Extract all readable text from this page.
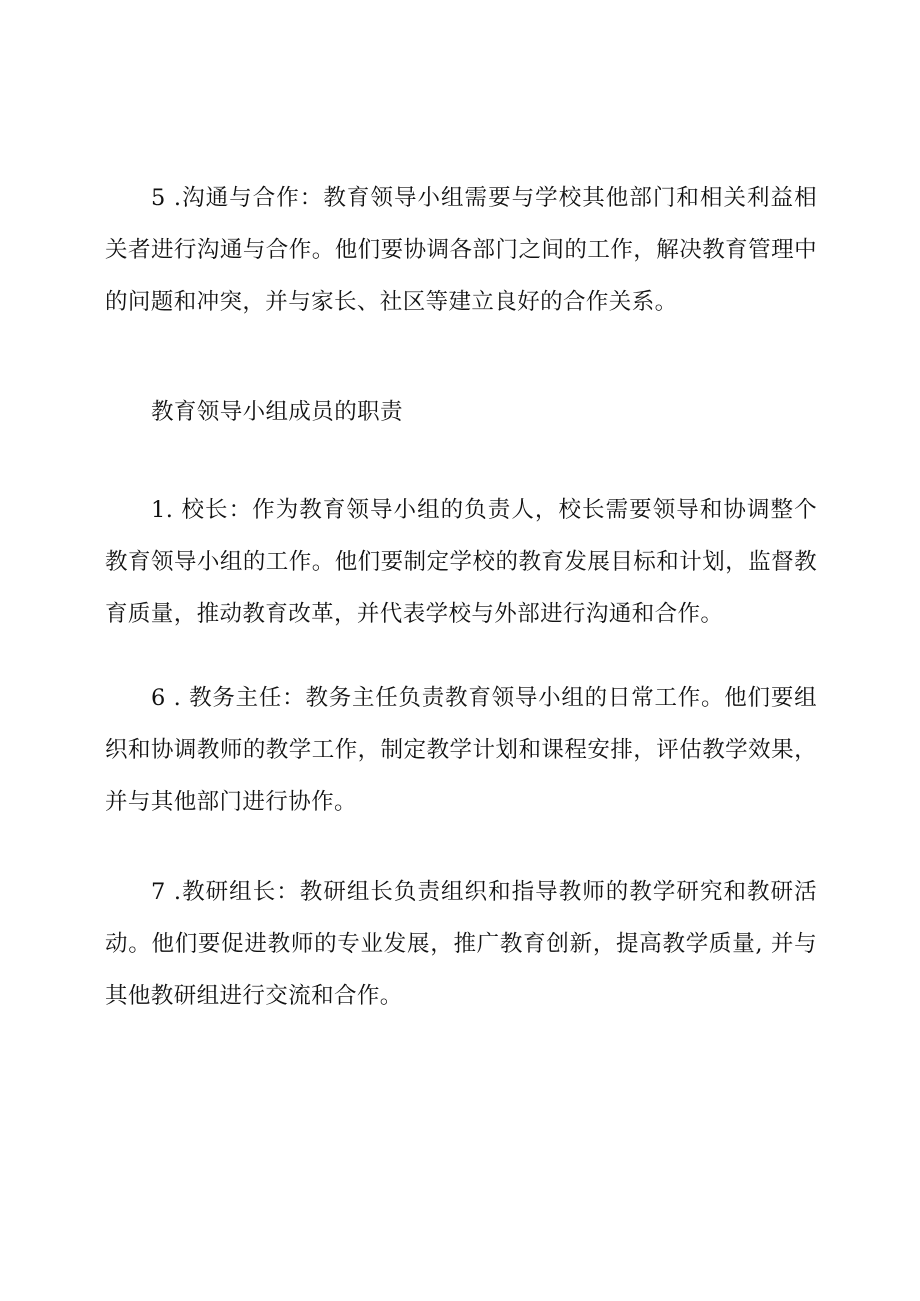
5 .沟通与合作：教育领导小组需要与学校其他部门和相关利益相关者进行沟通与合作。他们要协调各部门之间的工作，解决教育管理中的问题和冲突，并与家长、社区等建立良好的合作关系。

教育领导小组成员的职责

1. 校长：作为教育领导小组的负责人，校长需要领导和协调整个教育领导小组的工作。他们要制定学校的教育发展目标和计划，监督教育质量，推动教育改革，并代表学校与外部进行沟通和合作。

6 . 教务主任：教务主任负责教育领导小组的日常工作。他们要组织和协调教师的教学工作，制定教学计划和课程安排，评估教学效果，并与其他部门进行协作。

7 .教研组长：教研组长负责组织和指导教师的教学研究和教研活动。他们要促进教师的专业发展，推广教育创新，提高教学质量, 并与其他教研组进行交流和合作。
